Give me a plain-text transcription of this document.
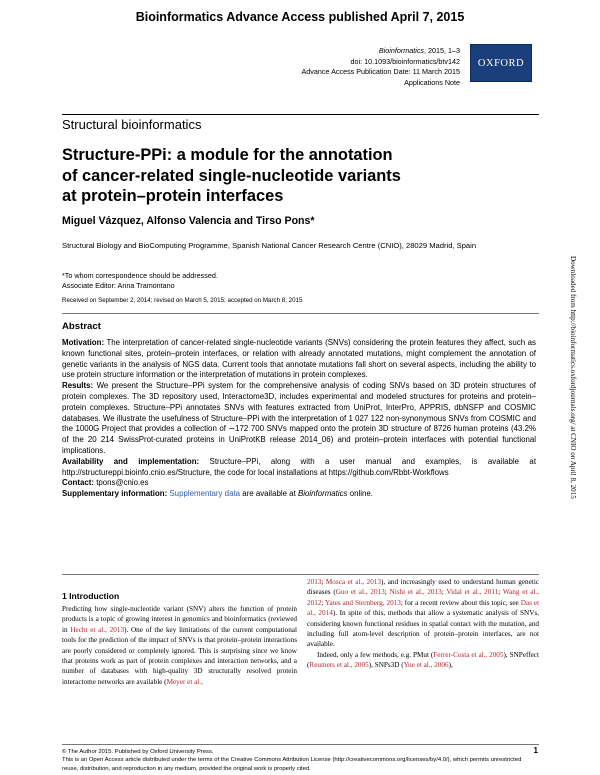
Bioinformatics Advance Access published April 7, 2015
Bioinformatics, 2015, 1–3
doi: 10.1093/bioinformatics/btv142
Advance Access Publication Date: 11 March 2015
Applications Note
OXFORD
Structural bioinformatics
Structure-PPi: a module for the annotation
of cancer-related single-nucleotide variants
at protein–protein interfaces
Miguel Vázquez, Alfonso Valencia and Tirso Pons*
Structural Biology and BioComputing Programme, Spanish National Cancer Research Centre (CNIO), 28029 Madrid, Spain
*To whom correspondence should be addressed.
Associate Editor: Anna Tramontano
Received on September 2, 2014; revised on March 5, 2015; accepted on March 8, 2015
Abstract
Motivation: The interpretation of cancer-related single-nucleotide variants (SNVs) considering the protein features they affect, such as known functional sites, protein–protein interfaces, or relation with already annotated mutations, might complement the annotation of genetic variants in the analysis of NGS data. Current tools that annotate mutations fall short on several aspects, including the ability to use protein structure information or the interpretation of mutations in protein complexes.
Results: We present the Structure–PPi system for the comprehensive analysis of coding SNVs based on 3D protein structures of protein complexes. The 3D repository used, Interactome3D, includes experimental and modeled structures for proteins and protein–protein complexes. Structure–PPi annotates SNVs with features extracted from UniProt, InterPro, APPRIS, dbNSFP and COSMIC databases. We illustrate the usefulness of Structure–PPi with the interpretation of 1 027 122 non-synonymous SNVs from COSMIC and the 1000G Project that provides a collection of ∼172 700 SNVs mapped onto the protein 3D structure of 8726 human proteins (43.2% of the 20 214 SwissProt-curated proteins in UniProtKB release 2014_06) and protein–protein interfaces with potential functional implications.
Availability and implementation: Structure–PPi, along with a user manual and examples, is available at http://structureppi.bioinfo.cnio.es/Structure, the code for local installations at https://github.com/Rbbt-Workflows
Contact: tpons@cnio.es
Supplementary information: Supplementary data are available at Bioinformatics online.	Downloaded from http://bioinformatics.oxfordjournals.org/ at CNIO on April 8, 2015
1 Introduction
Predicting how single-nucleotide variant (SNV) alters the function of protein products is a topic of growing interest in genomics and bioinformatics (reviewed in Hecht et al., 2013). One of the key limitations of the current computational tools for the prediction of the impact of SNVs is that protein–protein interactions are poorly considered or completely ignored. This is surprising since we know that proteins work as part of protein complexes and interaction networks, and a number of databases with high-quality 3D structurally resolved protein interactome networks are available (Meyer et al.,
2013; Mosca et al., 2013), and increasingly used to understand human genetic diseases (Guo et al., 2013; Nishi et al., 2013; Vidal et al., 2011; Wang et al., 2012; Yates and Sternberg, 2013; for a recent review about this topic, see Das et al., 2014). In spite of this, methods that allow a systematic analysis of SNVs, considering known functional residues in spatial contact with the mutation, and including full atom-level description of protein–protein interfaces, are not available.
Indeed, only a few methods, e.g. PMut (Ferrer-Costa et al., 2005), SNPeffect (Reumers et al., 2005), SNPs3D (Yue et al., 2006),
© The Author 2015. Published by Oxford University Press.
This is an Open Access article distributed under the terms of the Creative Commons Attribution License (http://creativecommons.org/licenses/by/4.0/), which permits unrestricted reuse, distribution, and reproduction in any medium, provided the original work is properly cited.
1
